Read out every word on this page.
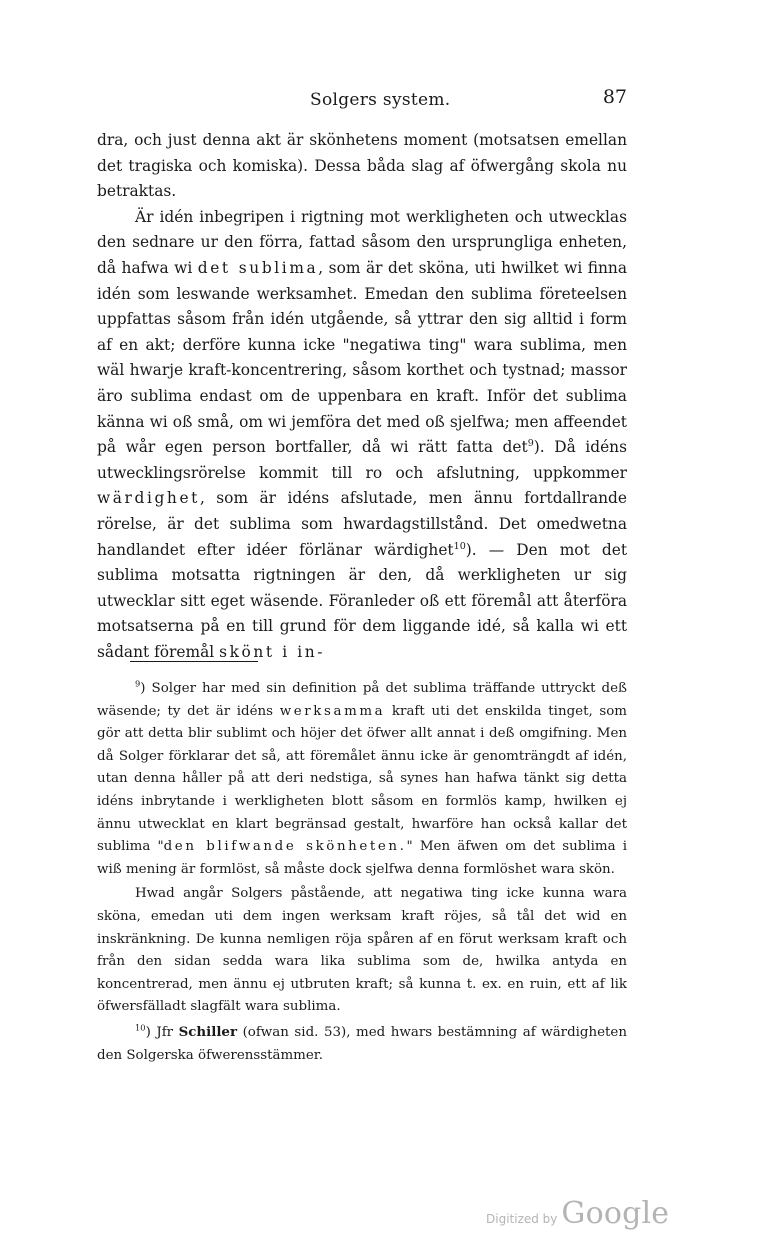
Solgers system.	87

dra, och just denna akt är skönhetens moment (motsatsen emellan det tragiska och komiska). Dessa båda slag af öfwergång skola nu betraktas.

Är idén inbegripen i rigtning mot werkligheten och utwecklas den sednare ur den förra, fattad såsom den ursprungliga enheten, då hafwa wi det sublima, som är det sköna, uti hwilket wi finna idén som leswande werksamhet. Emedan den sublima företeelsen uppfattas såsom från idén utgående, så yttrar den sig alltid i form af en akt; derföre kunna icke "negatiwa ting" wara sublima, men wäl hwarje kraft-koncentrering, såsom korthet och tystnad; massor äro sublima endast om de uppenbara en kraft. Inför det sublima känna wi oß små, om wi jemföra det med oß sjelfwa; men affeendet på wår egen person bortfaller, då wi rätt fatta $\det^9$). Då idéns utwecklingsrörelse kommit till ro och afslutning, uppkommer wärdighet, som är idéns afslutade, men ännu fortdallrande rörelse, är det sublima som hwardagstillstånd. Det omedwetna handlandet efter idéer förlänar wärdighet$^{10}$). — Den mot det sublima motsatta rigtningen är den, då werkligheten ur sig utwecklar sitt eget wäsende. Föranleder oß ett föremål att återföra motsatserna på en till grund för dem liggande idé, så kalla wi ett sådant föremål skönt i in-

$^9$) Solger har med sin definition på det sublima träffande uttryckt deß wäsende; ty det är idéns werksamma kraft uti det enskilda tinget, som gör att detta blir sublimt och höjer det öfwer allt annat i deß omgifning. Men då Solger förklarar det så, att föremålet ännu icke är genomträngdt af idén, utan denna håller på att deri nedstiga, så synes han hafwa tänkt sig detta idéns inbrytande i werkligheten blott såsom en formlös kamp, hwilken ej ännu utwecklat en klart begränsad gestalt, hwarföre han också kallar det sublima "den blifwande skönheten." Men äfwen om det sublima i wiß mening är formlöst, så måste dock sjelfwa denna formlöshet wara skön.

Hwad angår Solgers påstående, att negatiwa ting icke kunna wara sköna, emedan uti dem ingen werksam kraft röjes, så tål det wid en inskränkning. De kunna nemligen röja spåren af en förut werksam kraft och från den sidan sedda wara lika sublima som de, hwilka antyda en koncentrerad, men ännu ej utbruten kraft; så kunna t. ex. en ruin, ett af lik öfwersfälladt slagfält wara sublima.

$^{10}$) Jfr Schiller (ofwan sid. 53), med hwars bestämning af wärdigheten den Solgerska öfwerensstämmer.

Digitized by Google
